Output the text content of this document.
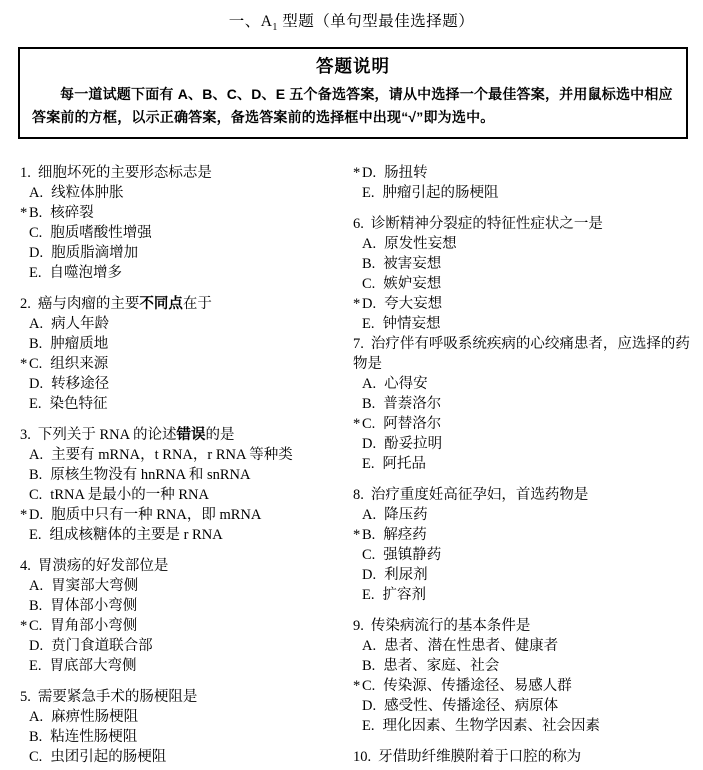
一、$A_1$ 型题（单句型最佳选择题）
答题说明

每一道试题下面有 A、B、C、D、E 五个备选答案，请从中选择一个最佳答案，并用鼠标选中相应答案前的方框，以示正确答案，备选答案前的选择框中出现“√”即为选中。

1. 细胞坏死的主要形态标志是
A. 线粒体肿胀
* B. 核碎裂
C. 胞质嗜酸性增强
D. 胞质脂滴增加
E. 自噬泡增多
2. 癌与肉瘤的主要不同点在于
A. 病人年龄
B. 肿瘤质地
* C. 组织来源
D. 转移途径
E. 染色特征
3. 下列关于 RNA 的论述错误的是
A. 主要有 mRNA，t RNA，r RNA 等种类
B. 原核生物没有 hnRNA 和 snRNA
C. tRNA 是最小的一种 RNA
* D. 胞质中只有一种 RNA，即 mRNA
E. 组成核糖体的主要是 r RNA
4. 胃溃疡的好发部位是
A. 胃窦部大弯侧
B. 胃体部小弯侧
* C. 胃角部小弯侧
D. 贲门食道联合部
E. 胃底部大弯侧
5. 需要紧急手术的肠梗阻是
A. 麻痹性肠梗阻
B. 粘连性肠梗阻
C. 虫团引起的肠梗阻
* D. 肠扭转
E. 肿瘤引起的肠梗阻
6. 诊断精神分裂症的特征性症状之一是
A. 原发性妄想
B. 被害妄想
C. 嫉妒妄想
* D. 夸大妄想
E. 钟情妄想
7. 治疗伴有呼吸系统疾病的心绞痛患者，应选择的药物是
A. 心得安
B. 普萘洛尔
* C. 阿替洛尔
D. 酚妥拉明
E. 阿托品
8. 治疗重度妊高征孕妇，首选药物是
A. 降压药
* B. 解痉药
C. 强镇静药
D. 利尿剂
E. 扩容剂
9. 传染病流行的基本条件是
A. 患者、潜在性患者、健康者
B. 患者、家庭、社会
* C. 传染源、传播途径、易感人群
D. 感受性、传播途径、病原体
E. 理化因素、生物学因素、社会因素
10. 牙借助纤维膜附着于口腔的称为
